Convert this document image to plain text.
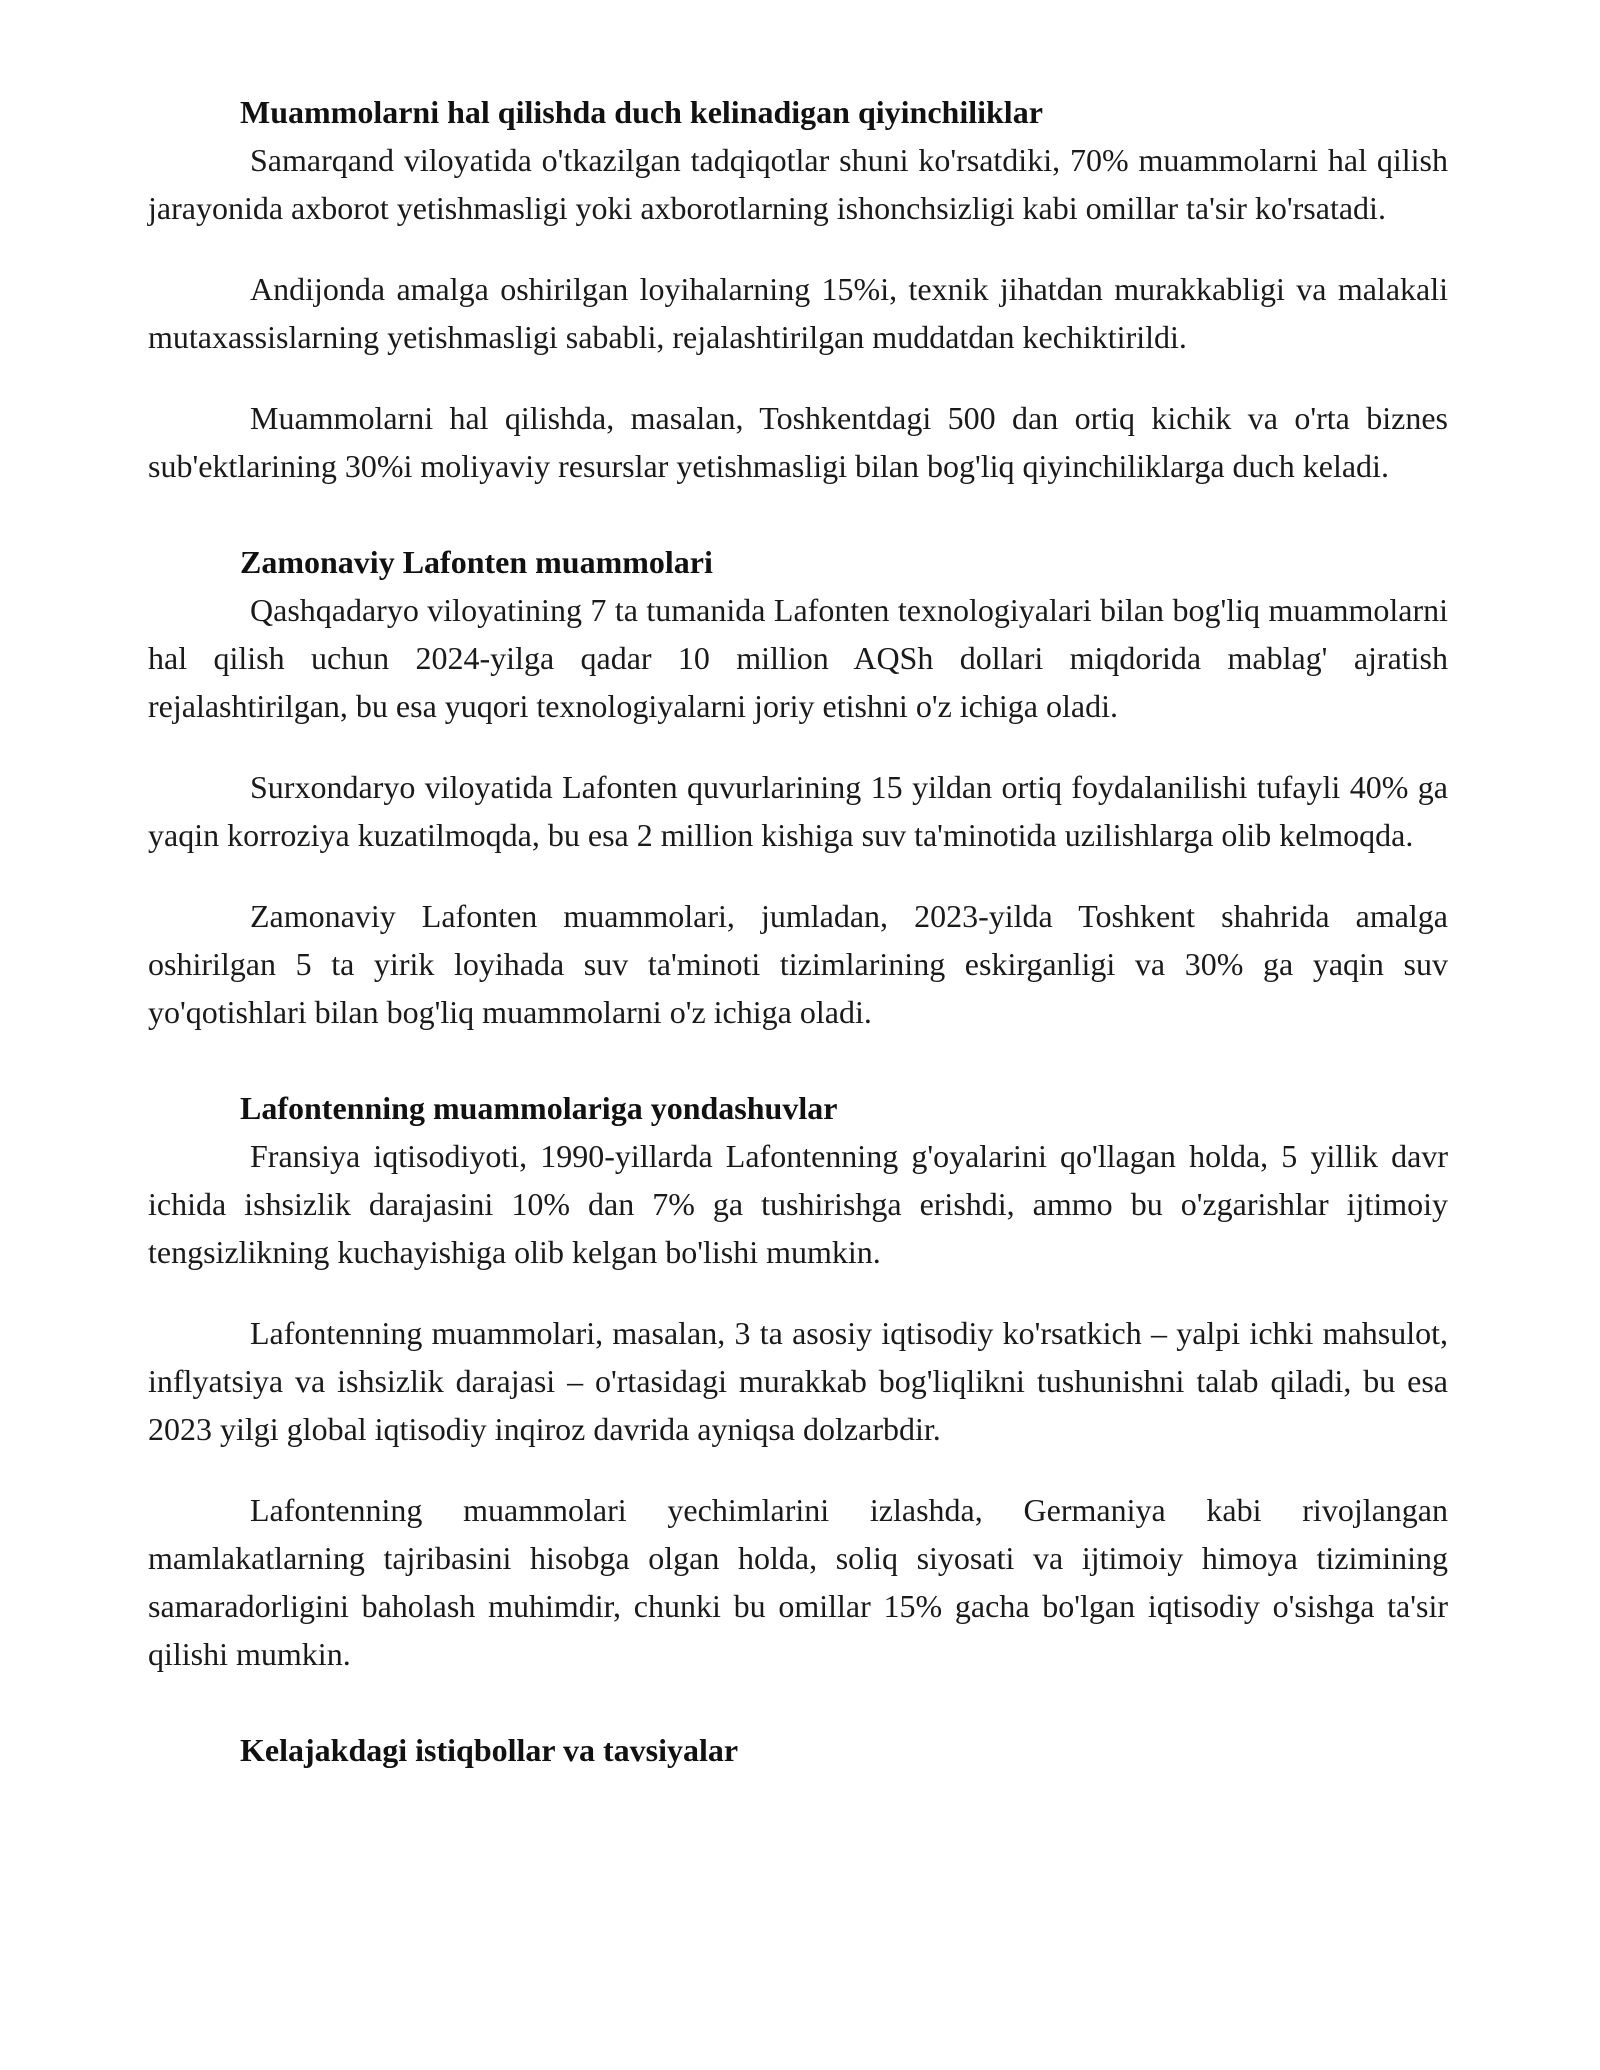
Muammolarni hal qilishda duch kelinadigan qiyinchiliklar

Samarqand viloyatida o'tkazilgan tadqiqotlar shuni ko'rsatdiki, 70% muammolarni hal qilish jarayonida axborot yetishmasligi yoki axborotlarning ishonchsizligi kabi omillar ta'sir ko'rsatadi.

Andijonda amalga oshirilgan loyihalarning 15%i, texnik jihatdan murakkabligi va malakali mutaxassislarning yetishmasligi sababli, rejalashtirilgan muddatdan kechiktirildi.

Muammolarni hal qilishda, masalan, Toshkentdagi 500 dan ortiq kichik va o'rta biznes sub'ektlarining 30%i moliyaviy resurslar yetishmasligi bilan bog'liq qiyinchiliklarga duch keladi.

Zamonaviy Lafonten muammolari

Qashqadaryo viloyatining 7 ta tumanida Lafonten texnologiyalari bilan bog'liq muammolarni hal qilish uchun 2024-yilga qadar 10 million AQSh dollari miqdorida mablag' ajratish rejalashtirilgan, bu esa yuqori texnologiyalarni joriy etishni o'z ichiga oladi.

Surxondaryo viloyatida Lafonten quvurlarining 15 yildan ortiq foydalanilishi tufayli 40% ga yaqin korroziya kuzatilmoqda, bu esa 2 million kishiga suv ta'minotida uzilishlarga olib kelmoqda.

Zamonaviy Lafonten muammolari, jumladan, 2023-yilda Toshkent shahrida amalga oshirilgan 5 ta yirik loyihada suv ta'minoti tizimlarining eskirganligi va 30% ga yaqin suv yo'qotishlari bilan bog'liq muammolarni o'z ichiga oladi.

Lafontenning muammolariga yondashuvlar

Fransiya iqtisodiyoti, 1990-yillarda Lafontenning g'oyalarini qo'llagan holda, 5 yillik davr ichida ishsizlik darajasini 10% dan 7% ga tushirishga erishdi, ammo bu o'zgarishlar ijtimoiy tengsizlikning kuchayishiga olib kelgan bo'lishi mumkin.

Lafontenning muammolari, masalan, 3 ta asosiy iqtisodiy ko'rsatkich – yalpi ichki mahsulot, inflyatsiya va ishsizlik darajasi – o'rtasidagi murakkab bog'liqlikni tushunishni talab qiladi, bu esa 2023 yilgi global iqtisodiy inqiroz davrida ayniqsa dolzarbdir.

Lafontenning muammolari yechimlarini izlashda, Germaniya kabi rivojlangan mamlakatlarning tajribasini hisobga olgan holda, soliq siyosati va ijtimoiy himoya tizimining samaradorligini baholash muhimdir, chunki bu omillar 15% gacha bo'lgan iqtisodiy o'sishga ta'sir qilishi mumkin.

Kelajakdagi istiqbollar va tavsiyalar
